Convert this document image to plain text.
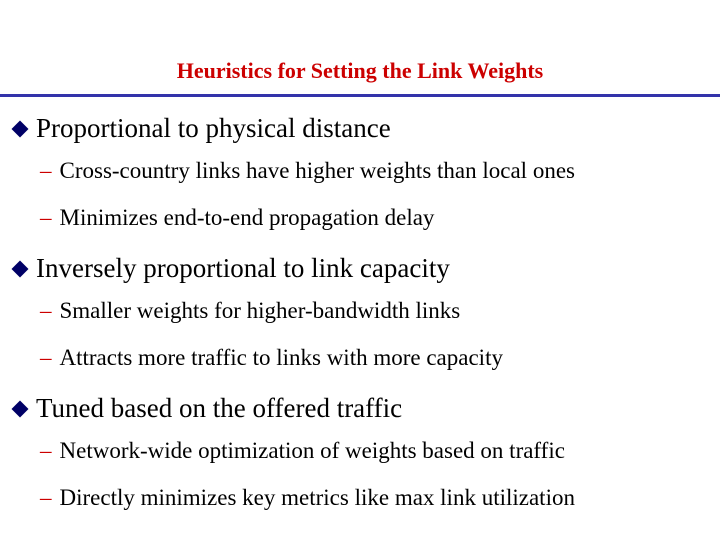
Heuristics for Setting the Link Weights
Proportional to physical distance
– Cross-country links have higher weights than local ones
– Minimizes end-to-end propagation delay
Inversely proportional to link capacity
– Smaller weights for higher-bandwidth links
– Attracts more traffic to links with more capacity
Tuned based on the offered traffic
– Network-wide optimization of weights based on traffic
– Directly minimizes key metrics like max link utilization
